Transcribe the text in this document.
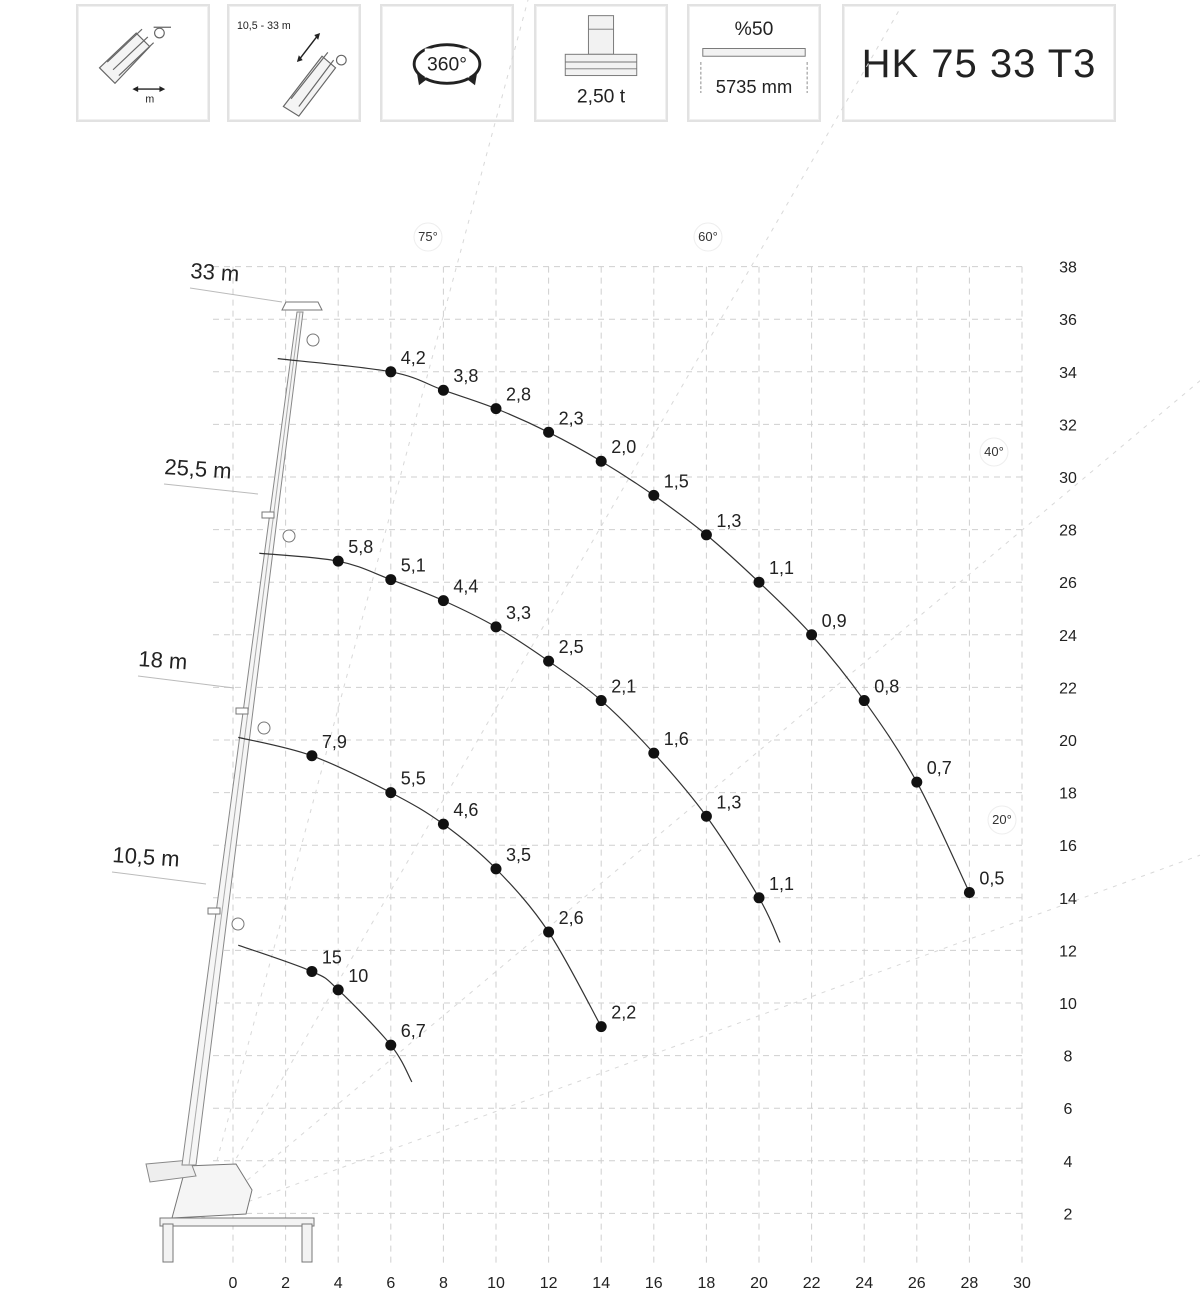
m
10,5 - 33 m
360°
2,50 t
%50
5735 mm
HK 75 33 T3
75°	60°
40°
20°
4,2
3,8
2,8
2,3
2,0
1,5
1,3
1,1
0,9
0,8
0,7
0,5
5,8
5,1
4,4
3,3
2,5
2,1
1,6
1,3
1,1
7,9
5,5
4,6
3,5
2,6
2,2
15
10
6,7
0	2	4	6	8 10 12 14 16 18 20 22 24 26 28 30
2
4
6
8
10
12
14
16
18
20
22
24
26
28
30
32
34
36
38
33 m
25,5 m
18 m
10,5 m
